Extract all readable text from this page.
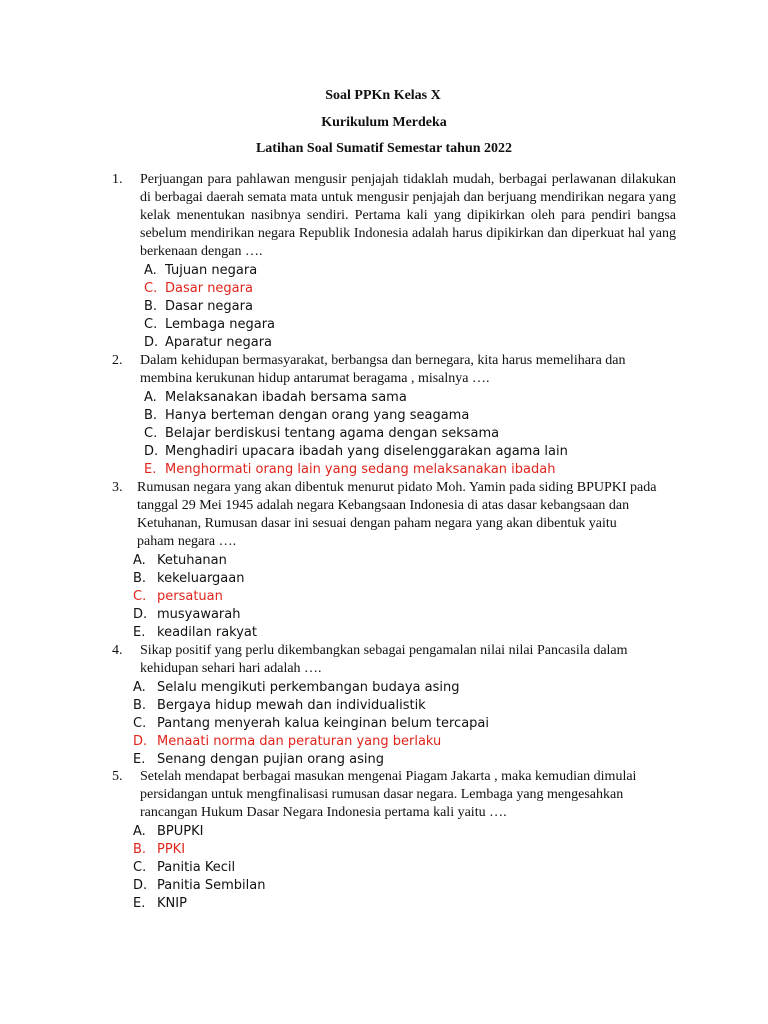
Soal PPKn Kelas X
Kurikulum Merdeka
Latihan Soal Sumatif Semestar tahun 2022
1. Perjuangan para pahlawan mengusir penjajah tidaklah mudah, berbagai perlawanan dilakukan di berbagai daerah semata mata untuk mengusir penjajah dan berjuang mendirikan negara yang kelak menentukan nasibnya sendiri. Pertama kali yang dipikirkan oleh para pendiri bangsa sebelum mendirikan negara Republik Indonesia adalah harus dipikirkan dan diperkuat hal yang berkenaan dengan ….
A. Tujuan negara
C. Dasar negara
B. Dasar negara
C. Lembaga negara
D. Aparatur negara
2. Dalam kehidupan bermasyarakat, berbangsa dan bernegara, kita harus memelihara dan membina kerukunan hidup antarumat beragama , misalnya ….
A. Melaksanakan ibadah bersama sama
B. Hanya berteman dengan orang yang seagama
C. Belajar berdiskusi tentang agama dengan seksama
D. Menghadiri upacara ibadah yang diselenggarakan agama lain
E. Menghormati orang lain yang sedang melaksanakan ibadah
3. Rumusan negara yang akan dibentuk menurut pidato Moh. Yamin pada siding BPUPKI pada tanggal 29 Mei 1945 adalah negara Kebangsaan Indonesia di atas dasar kebangsaan dan Ketuhanan, Rumusan dasar ini sesuai dengan paham negara yang akan dibentuk yaitu paham negara ….
A. Ketuhanan
B. kekeluargaan
C. persatuan
D. musyawarah
E. keadilan rakyat
4. Sikap positif yang perlu dikembangkan sebagai pengamalan nilai nilai Pancasila dalam kehidupan sehari hari adalah ….
A. Selalu mengikuti perkembangan budaya asing
B. Bergaya hidup mewah dan individualistik
C. Pantang menyerah kalua keinginan belum tercapai
D. Menaati norma dan peraturan yang berlaku
E. Senang dengan pujian orang asing
5. Setelah mendapat berbagai masukan mengenai Piagam Jakarta , maka kemudian dimulai persidangan untuk mengfinalisasi rumusan dasar negara. Lembaga yang mengesahkan rancangan Hukum Dasar Negara Indonesia pertama kali yaitu ….
A. BPUPKI
B. PPKI
C. Panitia Kecil
D. Panitia Sembilan
E. KNIP
